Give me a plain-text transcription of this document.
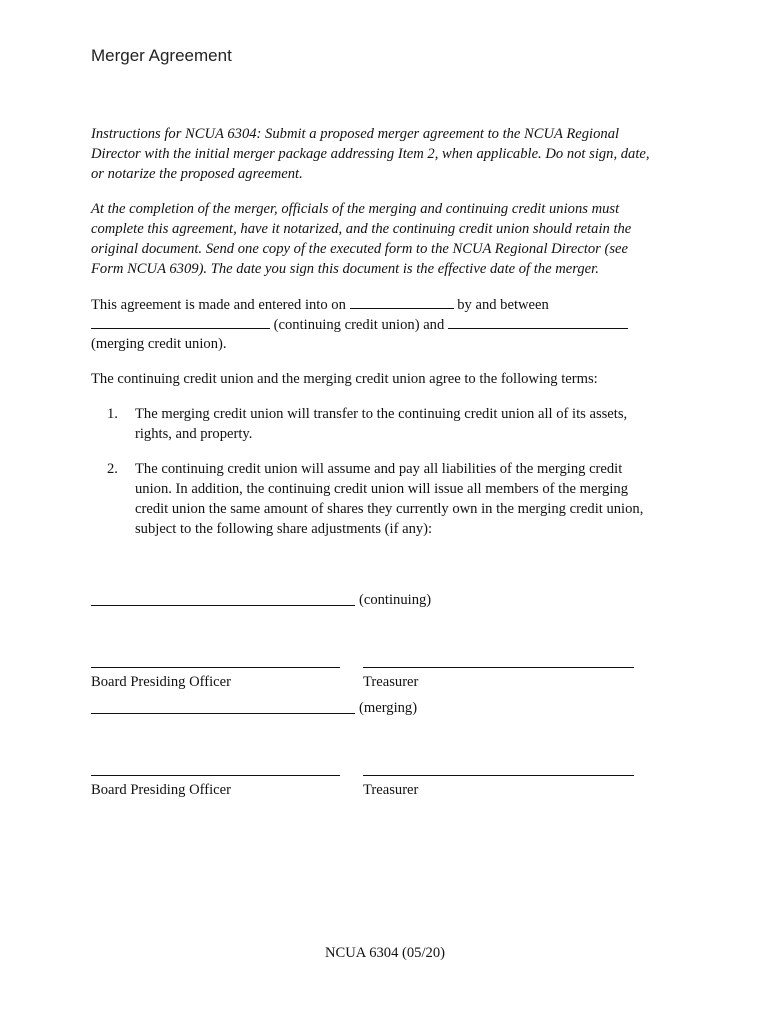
Merger Agreement
Instructions for NCUA 6304: Submit a proposed merger agreement to the NCUA Regional
Director with the initial merger package addressing Item 2, when applicable. Do not sign, date,
or notarize the proposed agreement.
At the completion of the merger, officials of the merging and continuing credit unions must
complete this agreement, have it notarized, and the continuing credit union should retain the
original document. Send one copy of the executed form to the NCUA Regional Director (see
Form NCUA 6309). The date you sign this document is the effective date of the merger.
This agreement is made and entered into on	by and between
(continuing credit union) and
(merging credit union).
The continuing credit union and the merging credit union agree to the following terms:
1. The merging credit union will transfer to the continuing credit union all of its assets,
rights, and property.
2. The continuing credit union will assume and pay all liabilities of the merging credit
union. In addition, the continuing credit union will issue all members of the merging
credit union the same amount of shares they currently own in the merging credit union,
subject to the following share adjustments (if any):
(continuing)
Board Presiding Officer	Treasurer
(merging)
Board Presiding Officer	Treasurer
NCUA 6304 (05/20)
